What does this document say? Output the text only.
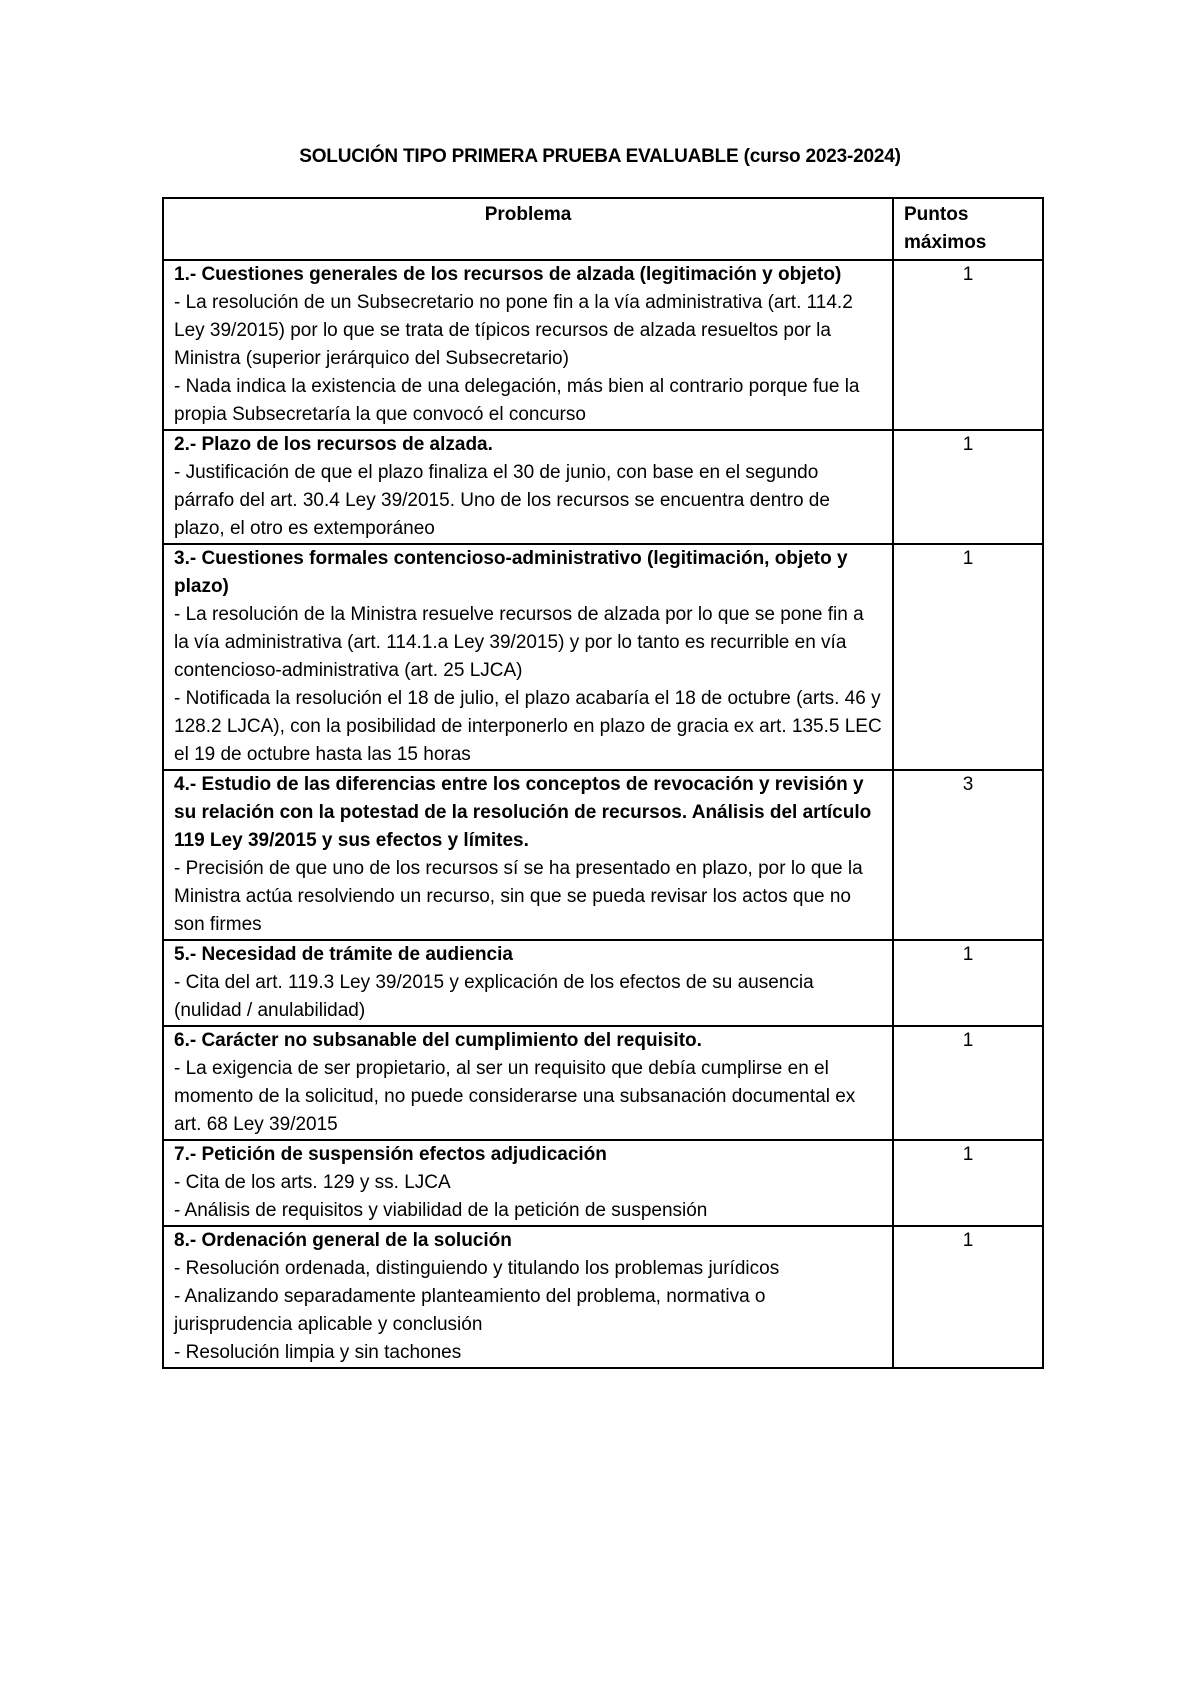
SOLUCIÓN TIPO PRIMERA PRUEBA EVALUABLE (curso 2023-2024)
Problema	Puntos
máximos

1.- Cuestiones generales de los recursos de alzada (legitimación y objeto)
- La resolución de un Subsecretario no pone fin a la vía administrativa (art. 114.2 Ley 39/2015) por lo que se trata de típicos recursos de alzada resueltos por la Ministra (superior jerárquico del Subsecretario)
- Nada indica la existencia de una delegación, más bien al contrario porque fue la propia Subsecretaría la que convocó el concurso	1

2.- Plazo de los recursos de alzada.
- Justificación de que el plazo finaliza el 30 de junio, con base en el segundo párrafo del art. 30.4 Ley 39/2015. Uno de los recursos se encuentra dentro de plazo, el otro es extemporáneo	1

3.- Cuestiones formales contencioso-administrativo (legitimación, objeto y plazo)
- La resolución de la Ministra resuelve recursos de alzada por lo que se pone fin a la vía administrativa (art. 114.1.a Ley 39/2015) y por lo tanto es recurrible en vía contencioso-administrativa (art. 25 LJCA)
- Notificada la resolución el 18 de julio, el plazo acabaría el 18 de octubre (arts. 46 y 128.2 LJCA), con la posibilidad de interponerlo en plazo de gracia ex art. 135.5 LEC el 19 de octubre hasta las 15 horas	1

4.- Estudio de las diferencias entre los conceptos de revocación y revisión y su relación con la potestad de la resolución de recursos. Análisis del artículo 119 Ley 39/2015 y sus efectos y límites.
- Precisión de que uno de los recursos sí se ha presentado en plazo, por lo que la Ministra actúa resolviendo un recurso, sin que se pueda revisar los actos que no son firmes	3

5.- Necesidad de trámite de audiencia
- Cita del art. 119.3 Ley 39/2015 y explicación de los efectos de su ausencia (nulidad / anulabilidad)	1

6.- Carácter no subsanable del cumplimiento del requisito.
- La exigencia de ser propietario, al ser un requisito que debía cumplirse en el momento de la solicitud, no puede considerarse una subsanación documental ex art. 68 Ley 39/2015	1

7.- Petición de suspensión efectos adjudicación
- Cita de los arts. 129 y ss. LJCA
- Análisis de requisitos y viabilidad de la petición de suspensión	1

8.- Ordenación general de la solución
- Resolución ordenada, distinguiendo y titulando los problemas jurídicos
- Analizando separadamente planteamiento del problema, normativa o jurisprudencia aplicable y conclusión
- Resolución limpia y sin tachones	1
